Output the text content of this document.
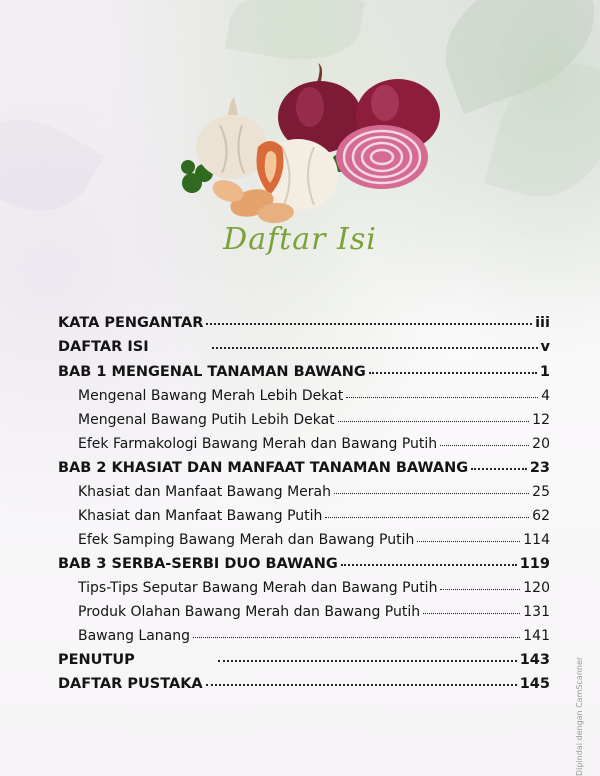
Daftar Isi
KATA PENGANTAR	iii
DAFTAR ISI	v
BAB 1 MENGENAL TANAMAN BAWANG	1
Mengenal Bawang Merah Lebih Dekat	4
Mengenal Bawang Putih Lebih Dekat	12
Efek Farmakologi Bawang Merah dan Bawang Putih	20
BAB 2 KHASIAT DAN MANFAAT TANAMAN BAWANG	23
Khasiat dan Manfaat Bawang Merah	25
Khasiat dan Manfaat Bawang Putih	62
Efek Samping Bawang Merah dan Bawang Putih	114
BAB 3 SERBA-SERBI DUO BAWANG	119
Tips-Tips Seputar Bawang Merah dan Bawang Putih	120
Produk Olahan Bawang Merah dan Bawang Putih	131
Bawang Lanang	141
PENUTUP	143
DAFTAR PUSTAKA	145	Dipindai dengan CamScanner
